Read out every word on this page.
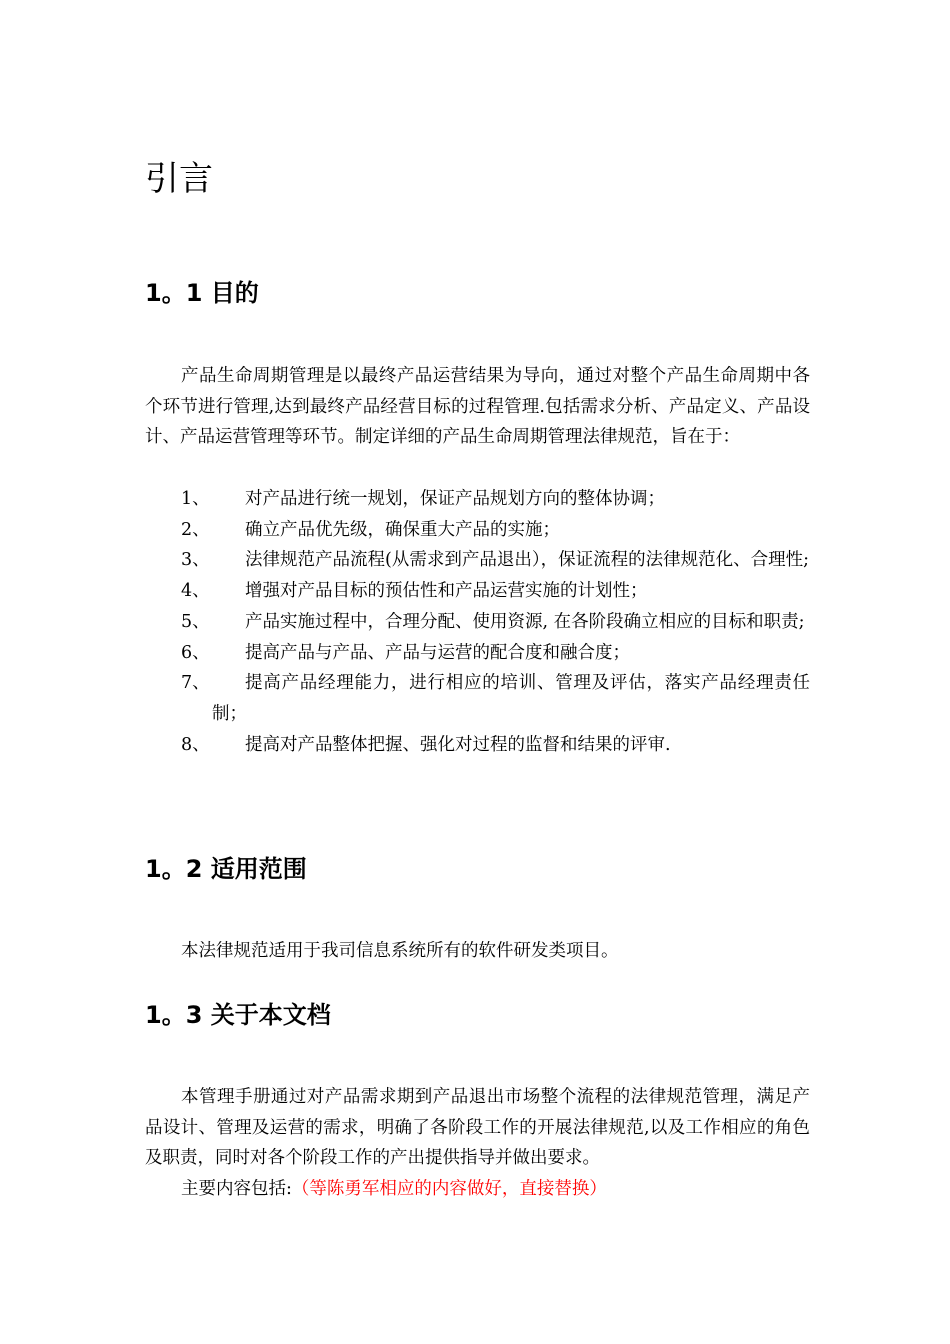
引言
1。1 目的

产品生命周期管理是以最终产品运营结果为导向，通过对整个产品生命周期中各个环节进行管理,达到最终产品经营目标的过程管理.包括需求分析、产品定义、产品设计、产品运营管理等环节。制定详细的产品生命周期管理法律规范，旨在于：

1、	对产品进行统一规划，保证产品规划方向的整体协调；
2、	确立产品优先级，确保重大产品的实施；
3、	法律规范产品流程(从需求到产品退出），保证流程的法律规范化、合理性;
4、	增强对产品目标的预估性和产品运营实施的计划性；
5、	产品实施过程中，合理分配、使用资源, 在各阶段确立相应的目标和职责;
6、	提高产品与产品、产品与运营的配合度和融合度；
7、	提高产品经理能力，进行相应的培训、管理及评估，落实产品经理责任制；
8、	提高对产品整体把握、强化对过程的监督和结果的评审.
1。2 适用范围

本法律规范适用于我司信息系统所有的软件研发类项目。

1。3 关于本文档

本管理手册通过对产品需求期到产品退出市场整个流程的法律规范管理，满足产品设计、管理及运营的需求，明确了各阶段工作的开展法律规范,以及工作相应的角色及职责，同时对各个阶段工作的产出提供指导并做出要求。

主要内容包括:（等陈勇军相应的内容做好，直接替换）
